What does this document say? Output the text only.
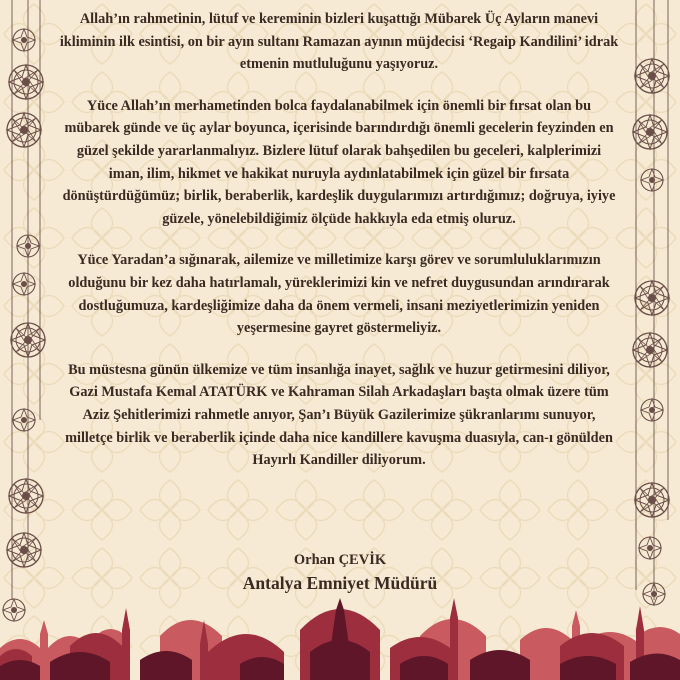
Allah’ın rahmetinin, lütuf ve kereminin bizleri kuşattığı Mübarek Üç Ayların manevi ikliminin ilk esintisi, on bir ayın sultanı Ramazan ayının müjdecisi ‘Regaip Kandilini’ idrak etmenin mutluluğunu yaşıyoruz.

Yüce Allah’ın merhametinden bolca faydalanabilmek için önemli bir fırsat olan bu mübarek günde ve üç aylar boyunca, içerisinde barındırdığı önemli gecelerin feyzinden en güzel şekilde yararlanmalıyız. Bizlere lütuf olarak bahşedilen bu geceleri, kalplerimizi iman, ilim, hikmet ve hakikat nuruyla aydınlatabilmek için güzel bir fırsata dönüştürdüğümüz; birlik, beraberlik, kardeşlik duygularımızı artırdığımız; doğruya, iyiye güzele, yönelebildiğimiz ölçüde hakkıyla eda etmiş oluruz.

Yüce Yaradan’a sığınarak, ailemize ve milletimize karşı görev ve sorumluluklarımızın olduğunu bir kez daha hatırlamalı, yüreklerimizi kin ve nefret duygusundan arındırarak dostluğumuza, kardeşliğimize daha da önem vermeli, insani meziyetlerimizin yeniden yeşermesine gayret göstermeliyiz.

Bu müstesna günün ülkemize ve tüm insanlığa inayet, sağlık ve huzur getirmesini diliyor, Gazi Mustafa Kemal ATATÜRK ve Kahraman Silah Arkadaşları başta olmak üzere tüm Aziz Şehitlerimizi rahmetle anıyor, Şan’ı Büyük Gazilerimize şükranlarımı sunuyor, milletçe birlik ve beraberlik içinde daha nice kandillere kavuşma duasıyla, can-ı gönülden Hayırlı Kandiller diliyorum.

Orhan ÇEVİK
Antalya Emniyet Müdürü
